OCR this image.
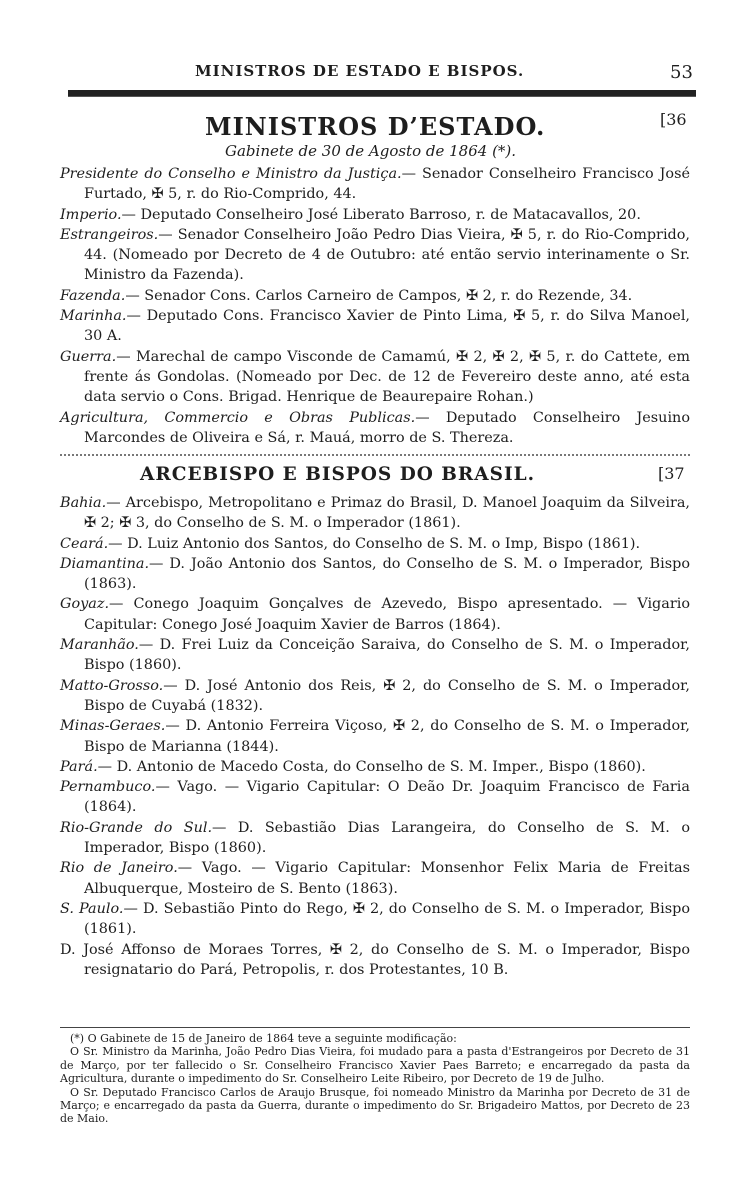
MINISTROS DE ESTADO E BISPOS.	53
MINISTROS D’ESTADO.	[36
Gabinete de 30 de Agosto de 1864 (*).
Presidente do Conselho e Ministro da Justiça.— Senador Conselheiro Francisco José Furtado, ✠ 5, r. do Rio-Comprido, 44.
Imperio.— Deputado Conselheiro José Liberato Barroso, r. de Matacavallos, 20.
Estrangeiros.— Senador Conselheiro João Pedro Dias Vieira, ✠ 5, r. do Rio-Comprido, 44. (Nomeado por Decreto de 4 de Outubro: até então servio interinamente o Sr. Ministro da Fazenda).
Fazenda.— Senador Cons. Carlos Carneiro de Campos, ✠ 2, r. do Rezende, 34.
Marinha.— Deputado Cons. Francisco Xavier de Pinto Lima, ✠ 5, r. do Silva Manoel, 30 A.
Guerra.— Marechal de campo Visconde de Camamú, ✠ 2, ✠ 2, ✠ 5, r. do Cattete, em frente ás Gondolas. (Nomeado por Dec. de 12 de Fevereiro deste anno, até esta data servio o Cons. Brigad. Henrique de Beaurepaire Rohan.)
Agricultura, Commercio e Obras Publicas.— Deputado Conselheiro Jesuino Marcondes de Oliveira e Sá, r. Mauá, morro de S. Thereza.
ARCEBISPO E BISPOS DO BRASIL.	[37
Bahia.— Arcebispo, Metropolitano e Primaz do Brasil, D. Manoel Joaquim da Silveira, ✠ 2; ✠ 3, do Conselho de S. M. o Imperador (1861).
Ceará.— D. Luiz Antonio dos Santos, do Conselho de S. M. o Imp, Bispo (1861).
Diamantina.— D. João Antonio dos Santos, do Conselho de S. M. o Imperador, Bispo (1863).
Goyaz.— Conego Joaquim Gonçalves de Azevedo, Bispo apresentado. — Vigario Capitular: Conego José Joaquim Xavier de Barros (1864).
Maranhão.— D. Frei Luiz da Conceição Saraiva, do Conselho de S. M. o Imperador, Bispo (1860).
Matto-Grosso.— D. José Antonio dos Reis, ✠ 2, do Conselho de S. M. o Imperador, Bispo de Cuyabá (1832).
Minas-Geraes.— D. Antonio Ferreira Viçoso, ✠ 2, do Conselho de S. M. o Imperador, Bispo de Marianna (1844).
Pará.— D. Antonio de Macedo Costa, do Conselho de S. M. Imper., Bispo (1860).
Pernambuco.— Vago. — Vigario Capitular: O Deão Dr. Joaquim Francisco de Faria (1864).
Rio-Grande do Sul.— D. Sebastião Dias Larangeira, do Conselho de S. M. o Imperador, Bispo (1860).
Rio de Janeiro.— Vago. — Vigario Capitular: Monsenhor Felix Maria de Freitas Albuquerque, Mosteiro de S. Bento (1863).
S. Paulo.— D. Sebastião Pinto do Rego, ✠ 2, do Conselho de S. M. o Imperador, Bispo (1861).
D. José Affonso de Moraes Torres, ✠ 2, do Conselho de S. M. o Imperador, Bispo resignatario do Pará, Petropolis, r. dos Protestantes, 10 B.
(*) O Gabinete de 15 de Janeiro de 1864 teve a seguinte modificação:
O Sr. Ministro da Marinha, João Pedro Dias Vieira, foi mudado para a pasta d'Estrangeiros por Decreto de 31 de Março, por ter fallecido o Sr. Conselheiro Francisco Xavier Paes Barreto; e encarregado da pasta da Agricultura, durante o impedimento do Sr. Conselheiro Leite Ribeiro, por Decreto de 19 de Julho.
O Sr. Deputado Francisco Carlos de Araujo Brusque, foi nomeado Ministro da Marinha por Decreto de 31 de Março; e encarregado da pasta da Guerra, durante o impedimento do Sr. Brigadeiro Mattos, por Decreto de 23 de Maio.
